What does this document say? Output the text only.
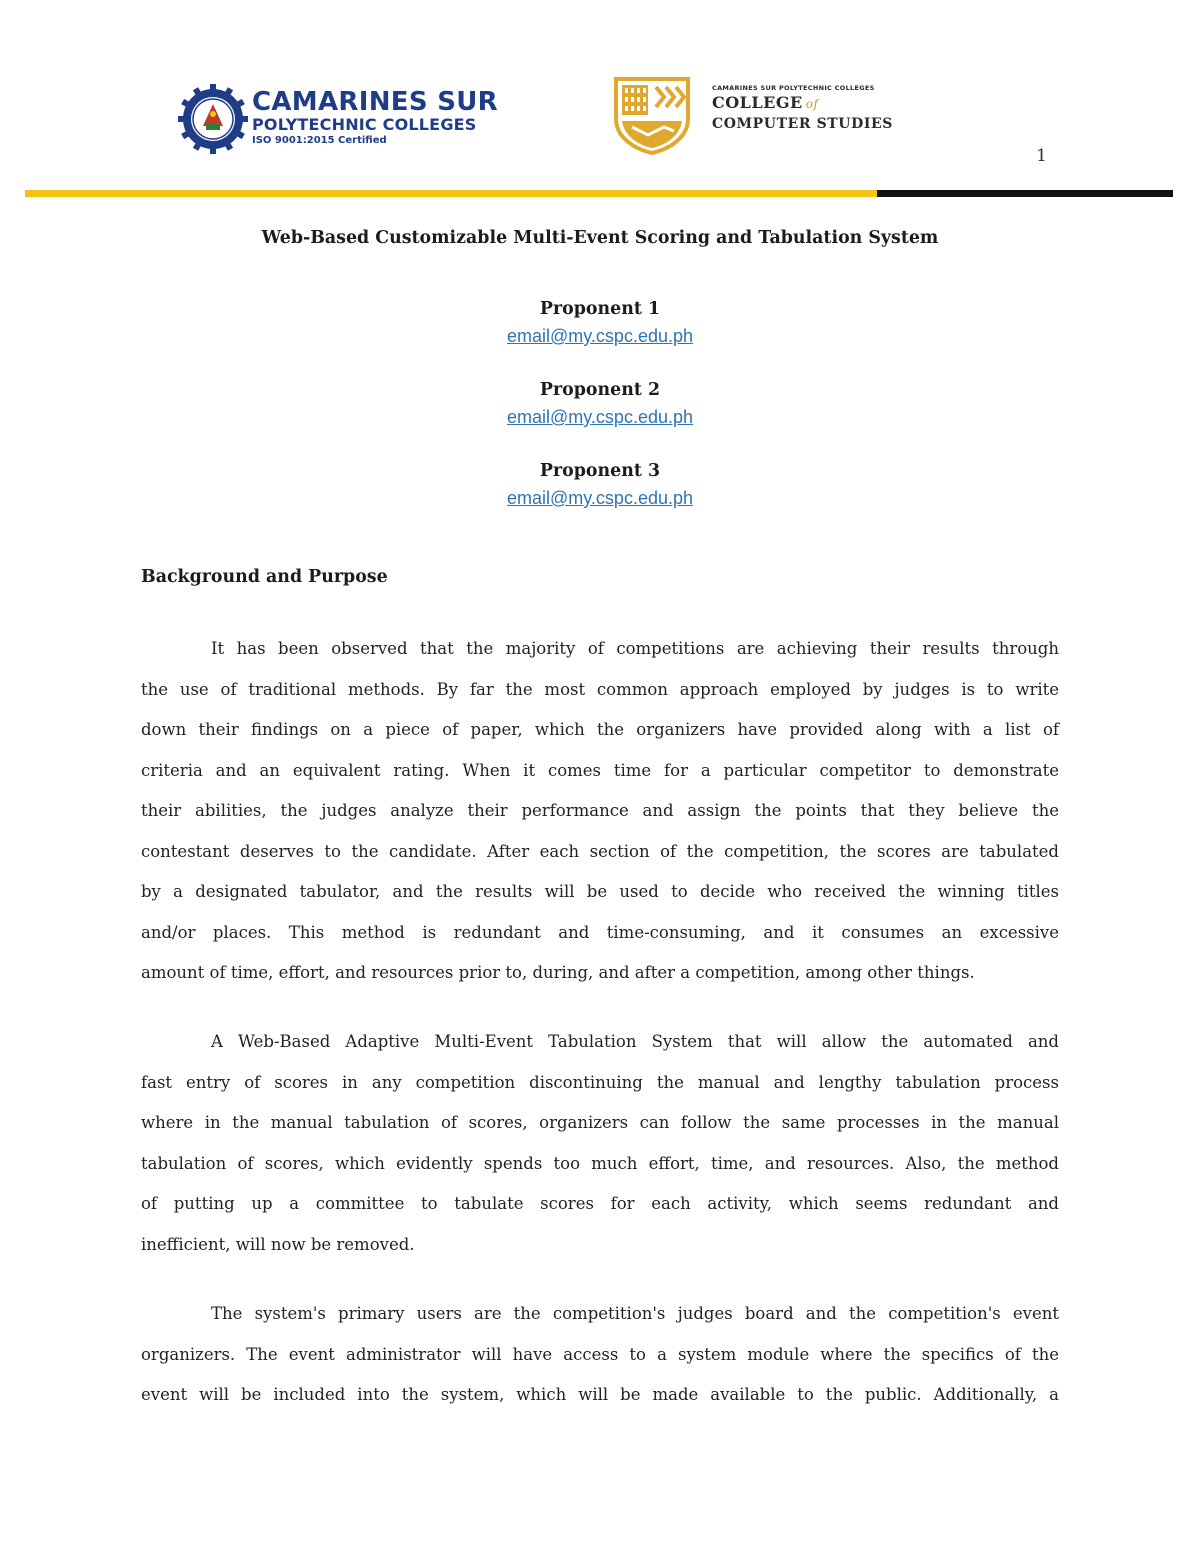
CAMARINES SUR
POLYTECHNIC COLLEGES
ISO 9001:2015 Certified
CAMARINES SUR POLYTECHNIC COLLEGES
COLLEGE of
COMPUTER STUDIES
1
Web-Based Customizable Multi-Event Scoring and Tabulation System
Proponent 1
email@my.cspc.edu.ph
Proponent 2
email@my.cspc.edu.ph
Proponent 3
email@my.cspc.edu.ph
Background and Purpose
It has been observed that the majority of competitions are achieving their results through
the use of traditional methods. By far the most common approach employed by judges is to write
down their findings on a piece of paper, which the organizers have provided along with a list of
criteria and an equivalent rating. When it comes time for a particular competitor to demonstrate
their abilities, the judges analyze their performance and assign the points that they believe the
contestant deserves to the candidate. After each section of the competition, the scores are tabulated
by a designated tabulator, and the results will be used to decide who received the winning titles
and/or places. This method is redundant and time-consuming, and it consumes an excessive
amount of time, effort, and resources prior to, during, and after a competition, among other things.
A Web-Based Adaptive Multi-Event Tabulation System that will allow the automated and
fast entry of scores in any competition discontinuing the manual and lengthy tabulation process
where in the manual tabulation of scores, organizers can follow the same processes in the manual
tabulation of scores, which evidently spends too much effort, time, and resources. Also, the method
of putting up a committee to tabulate scores for each activity, which seems redundant and
inefficient, will now be removed.
The system's primary users are the competition's judges board and the competition's event
organizers. The event administrator will have access to a system module where the specifics of the
event will be included into the system, which will be made available to the public. Additionally, a
